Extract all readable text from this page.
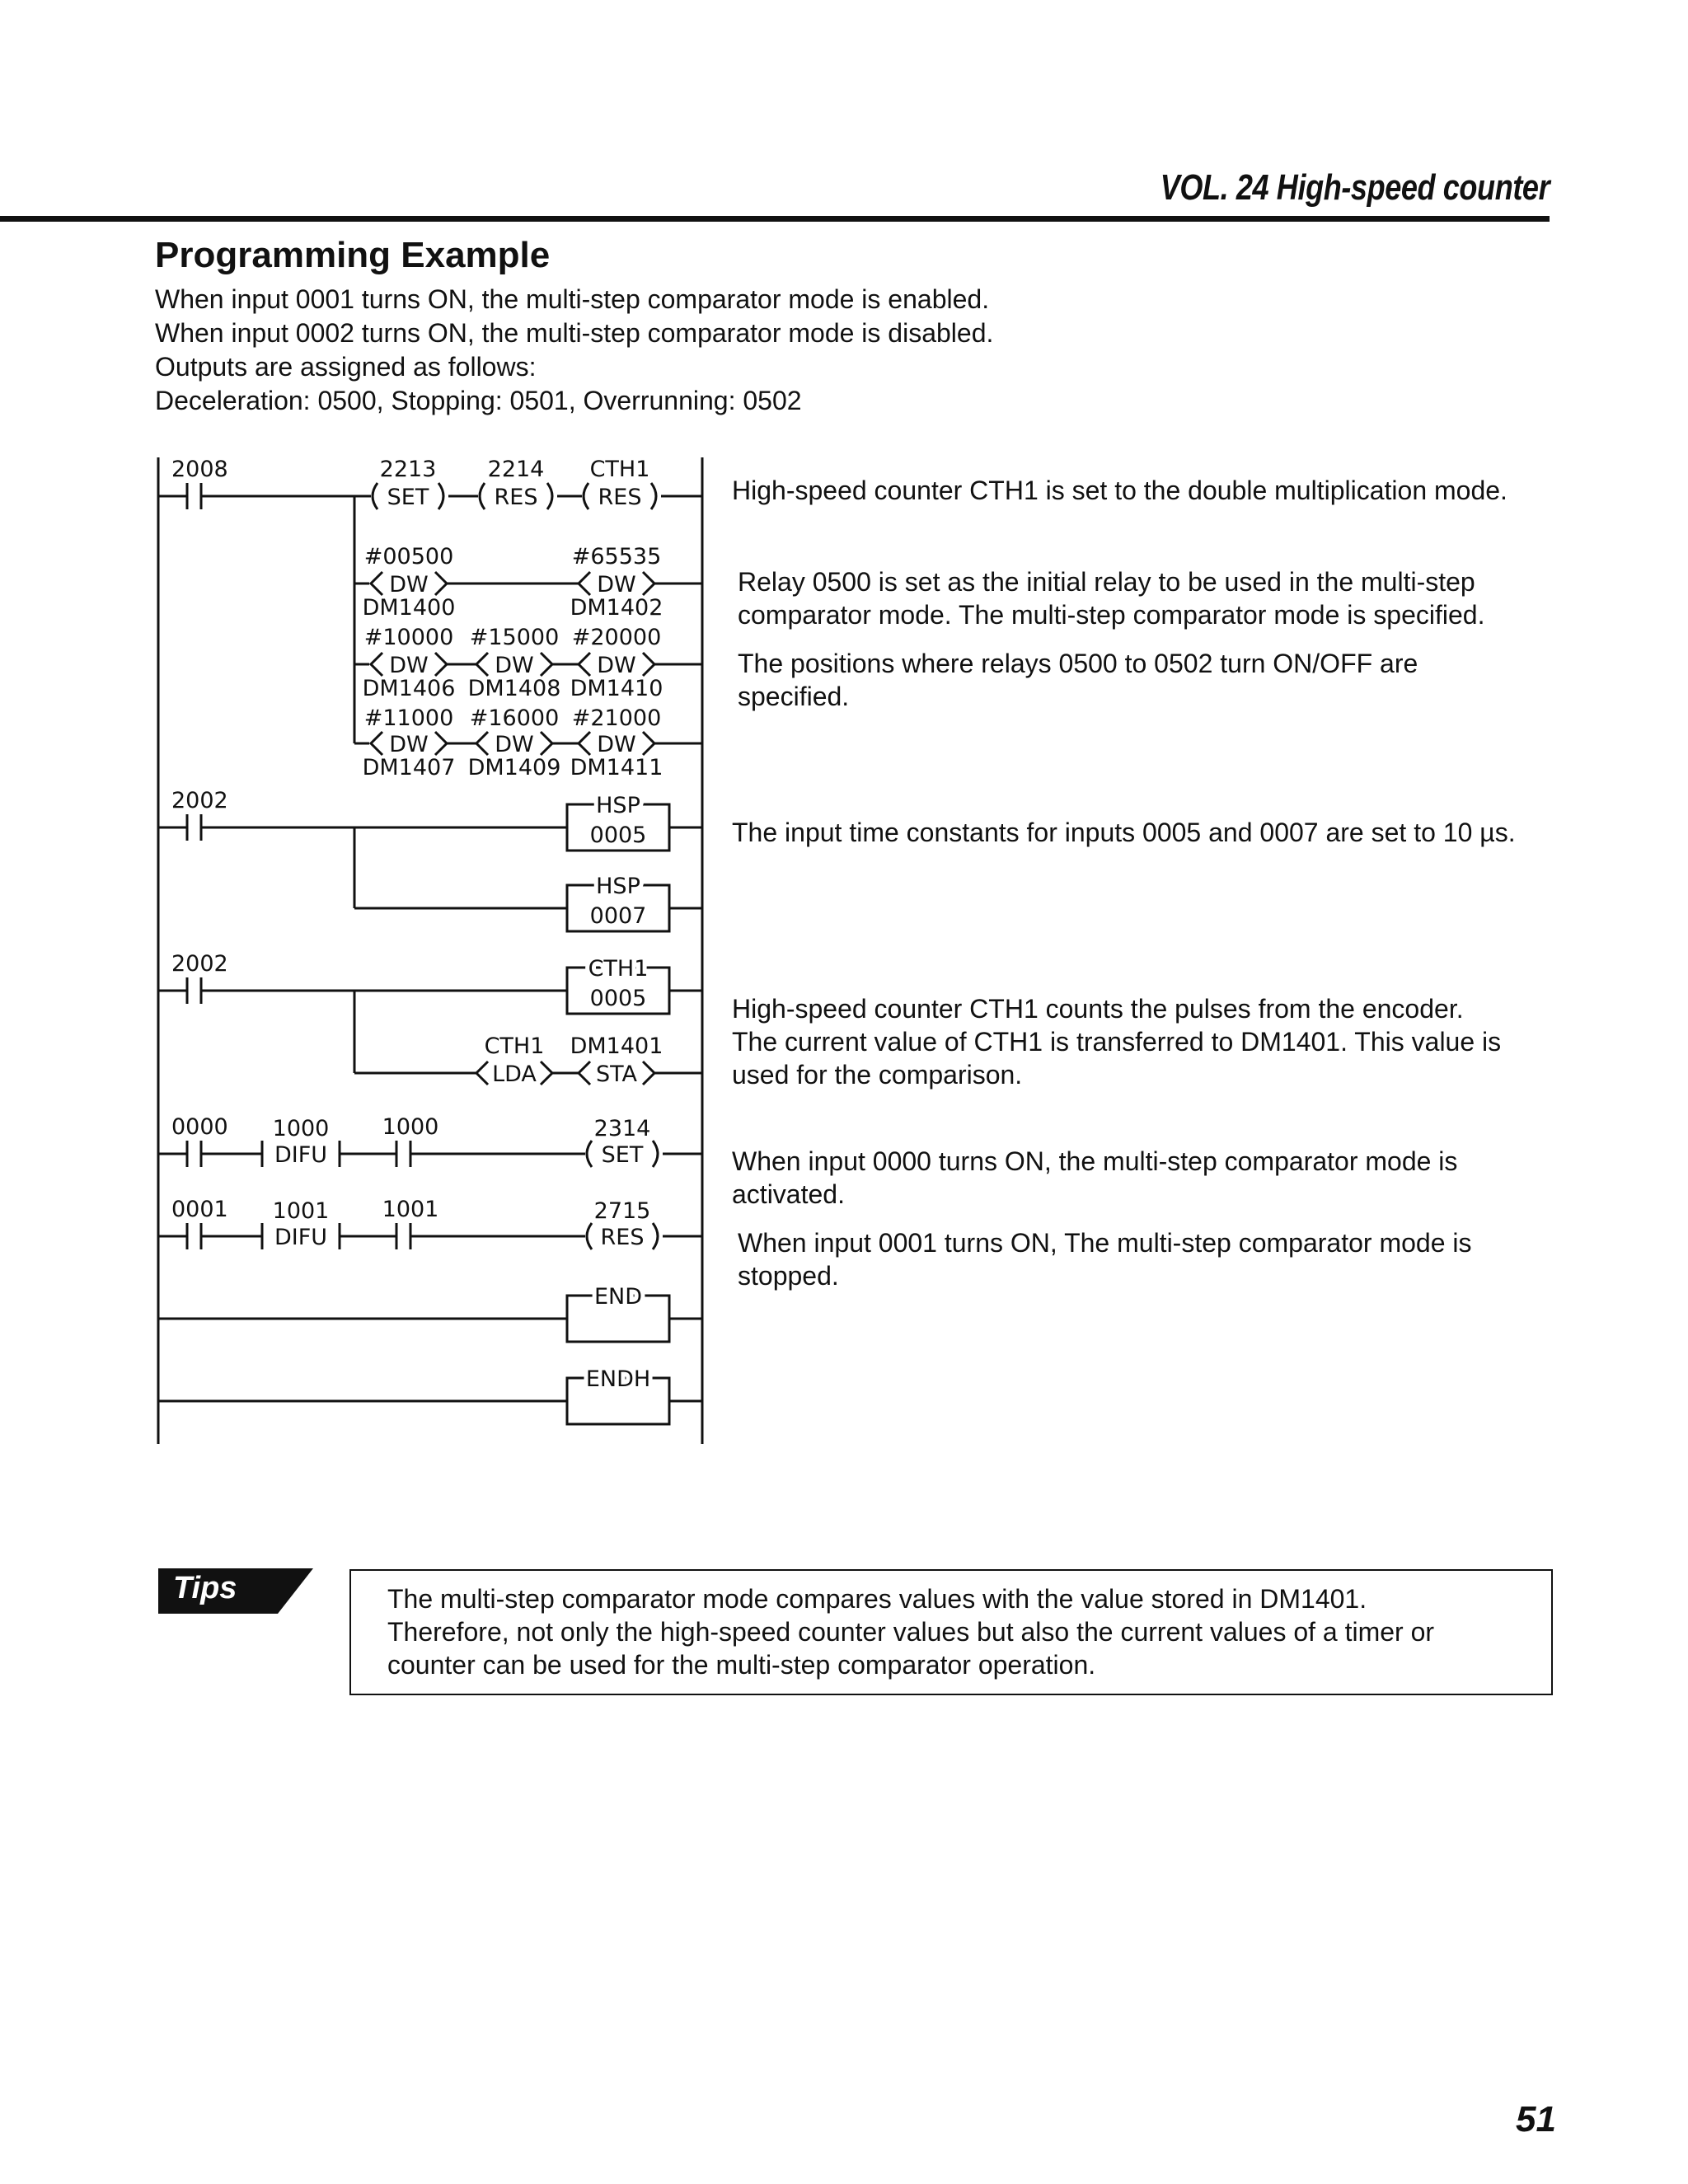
VOL. 24 High-speed counter
Programming Example
When input 0001 turns ON, the multi-step comparator mode is enabled.
When input 0002 turns ON, the multi-step comparator mode is disabled.
Outputs are assigned as follows:
Deceleration: 0500, Stopping: 0501, Overrunning: 0502
2008	2213
SET
2214
RES
CTH1
RES
#00500
DW
DM1400
#65535
DW
DM1402
#10000
DW
DM1406
#15000
DW
DM1408
#20000
DW
DM1410
#11000
DW
DM1407
#16000
DW
DM1409
#21000
DW
DM1411
2002	HSP
0005
HSP
0007
2002	CTH1
0005
CTH1
LDA
DM1401
STA
0000 1000
DIFU
1000	2314
SET
0001 1001
DIFU
1001	2715
RES
END
ENDH
High-speed counter CTH1 is set to the double multiplication mode.
Relay 0500 is set as the initial relay to be used in the multi-step
comparator mode. The multi-step comparator mode is specified.
The positions where relays 0500 to 0502 turn ON/OFF are
specified.
The input time constants for inputs 0005 and 0007 are set to 10 µs.
High-speed counter CTH1 counts the pulses from the encoder.
The current value of CTH1 is transferred to DM1401. This value is
used for the comparison.
When input 0000 turns ON, the multi-step comparator mode is
activated.
When input 0001 turns ON, The multi-step comparator mode is
stopped.
Tips	The multi-step comparator mode compares values with the value stored in DM1401.
Therefore, not only the high-speed counter values but also the current values of a timer or
counter can be used for the multi-step comparator operation.
51
